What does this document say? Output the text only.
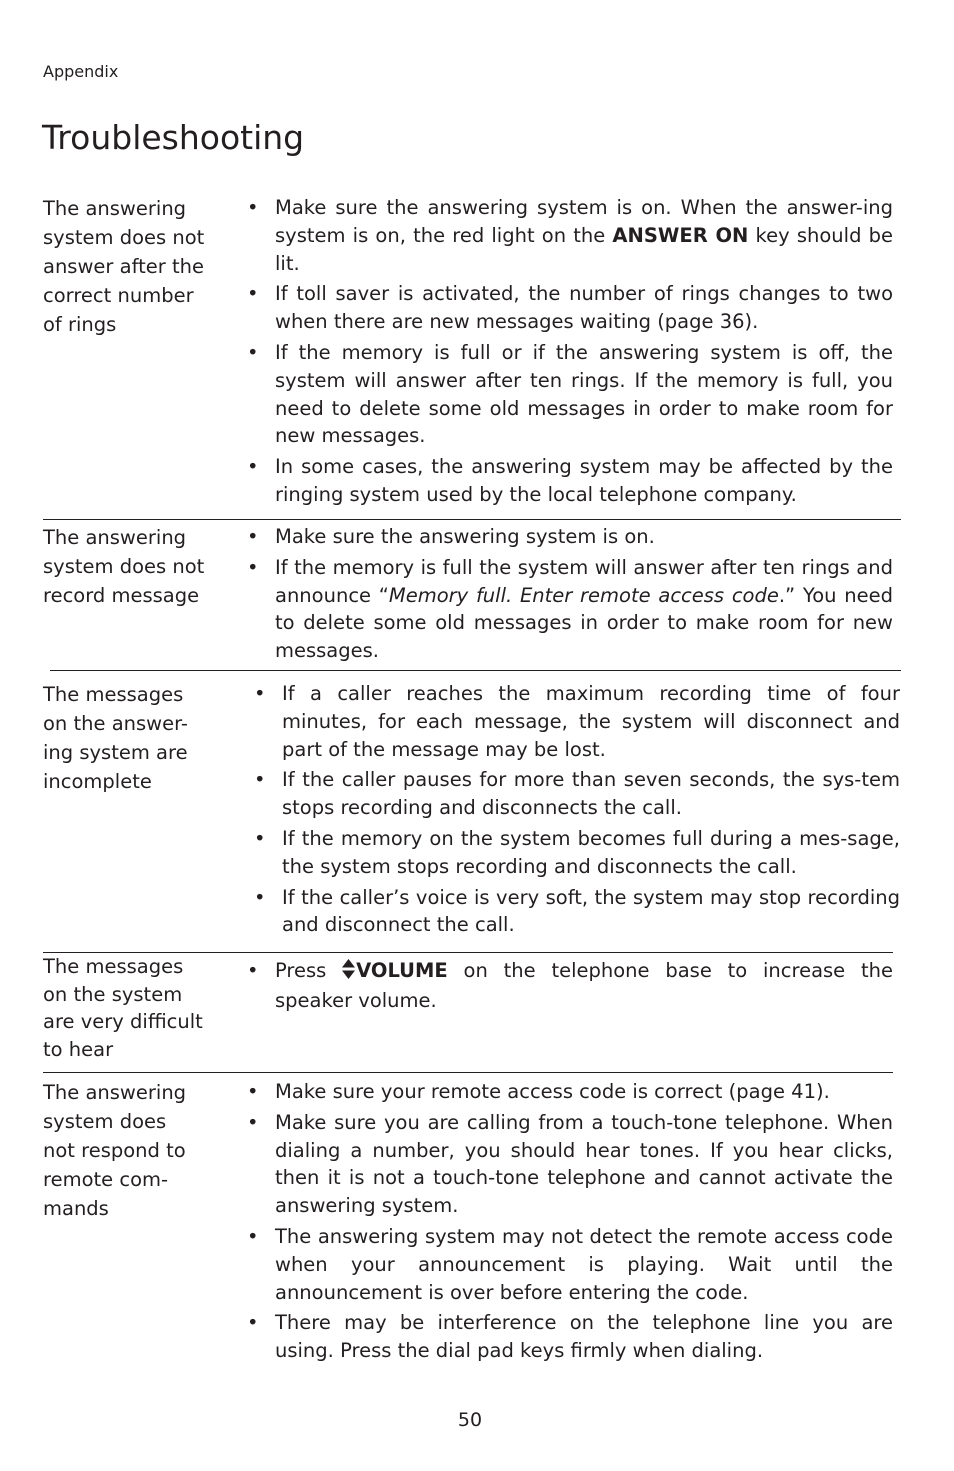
Appendix
Troubleshooting
The answering
system does not
answer after the
correct number
of rings
• Make sure the answering system is on. When the answer-ing system is on, the red light on the ANSWER ON key should be lit.
• If toll saver is activated, the number of rings changes to two when there are new messages waiting (page 36).
• If the memory is full or if the answering system is off, the system will answer after ten rings. If the memory is full, you need to delete some old messages in order to make room for new messages.
• In some cases, the answering system may be affected by the ringing system used by the local telephone company.
The answering
system does not
record message
• Make sure the answering system is on.
• If the memory is full the system will answer after ten rings and announce “Memory full. Enter remote access code.” You need to delete some old messages in order to make room for new messages.
The messages
on the answer-
ing system are
incomplete
• If a caller reaches the maximum recording time of four minutes, for each message, the system will disconnect and part of the message may be lost.
• If the caller pauses for more than seven seconds, the sys-tem stops recording and disconnects the call.
• If the memory on the system becomes full during a mes-sage, the system stops recording and disconnects the call.
• If the caller’s voice is very soft, the system may stop recording and disconnect the call.
The messages
on the system
are very difficult
to hear
• Press VOLUME on the telephone base to increase the speaker volume.
The answering
system does
not respond to
remote com-
mands
• Make sure your remote access code is correct (page 41).
• Make sure you are calling from a touch-tone telephone. When dialing a number, you should hear tones. If you hear clicks, then it is not a touch-tone telephone and cannot activate the answering system.
• The answering system may not detect the remote access code when your announcement is playing. Wait until the announcement is over before entering the code.
• There may be interference on the telephone line you are using. Press the dial pad keys firmly when dialing.
50
